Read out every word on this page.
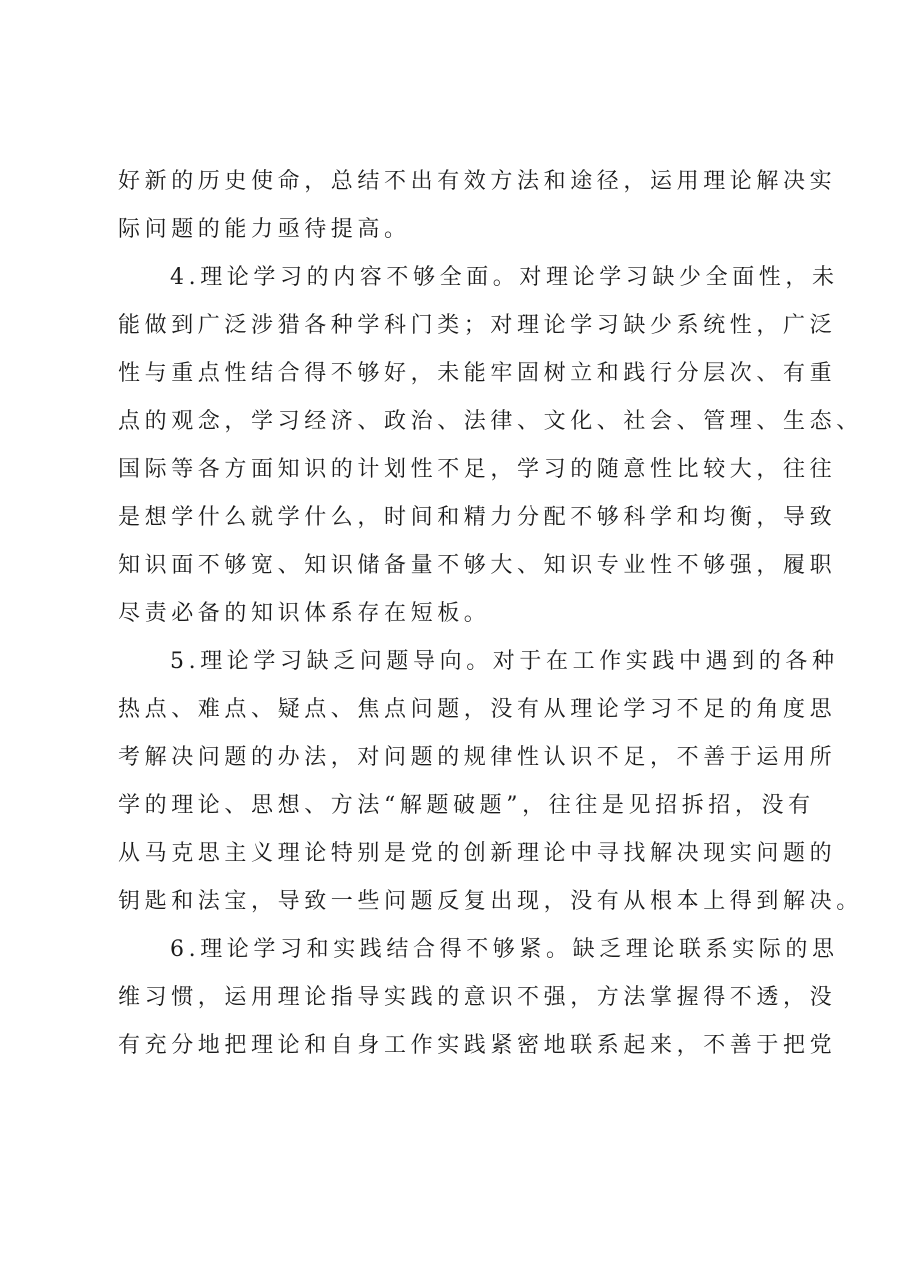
好新的历史使命，总结不出有效方法和途径，运用理论解决实
际问题的能力亟待提高。
4.理论学习的内容不够全面。对理论学习缺少全面性，未
能做到广泛涉猎各种学科门类；对理论学习缺少系统性，广泛
性与重点性结合得不够好，未能牢固树立和践行分层次、有重
点的观念，学习经济、政治、法律、文化、社会、管理、生态、
国际等各方面知识的计划性不足，学习的随意性比较大，往往
是想学什么就学什么，时间和精力分配不够科学和均衡，导致
知识面不够宽、知识储备量不够大、知识专业性不够强，履职
尽责必备的知识体系存在短板。
5.理论学习缺乏问题导向。对于在工作实践中遇到的各种
热点、难点、疑点、焦点问题，没有从理论学习不足的角度思
考解决问题的办法，对问题的规律性认识不足，不善于运用所
学的理论、思想、方法“解题破题”，往往是见招拆招，没有
从马克思主义理论特别是党的创新理论中寻找解决现实问题的
钥匙和法宝，导致一些问题反复出现，没有从根本上得到解决。
6.理论学习和实践结合得不够紧。缺乏理论联系实际的思
维习惯，运用理论指导实践的意识不强，方法掌握得不透，没
有充分地把理论和自身工作实践紧密地联系起来，不善于把党
